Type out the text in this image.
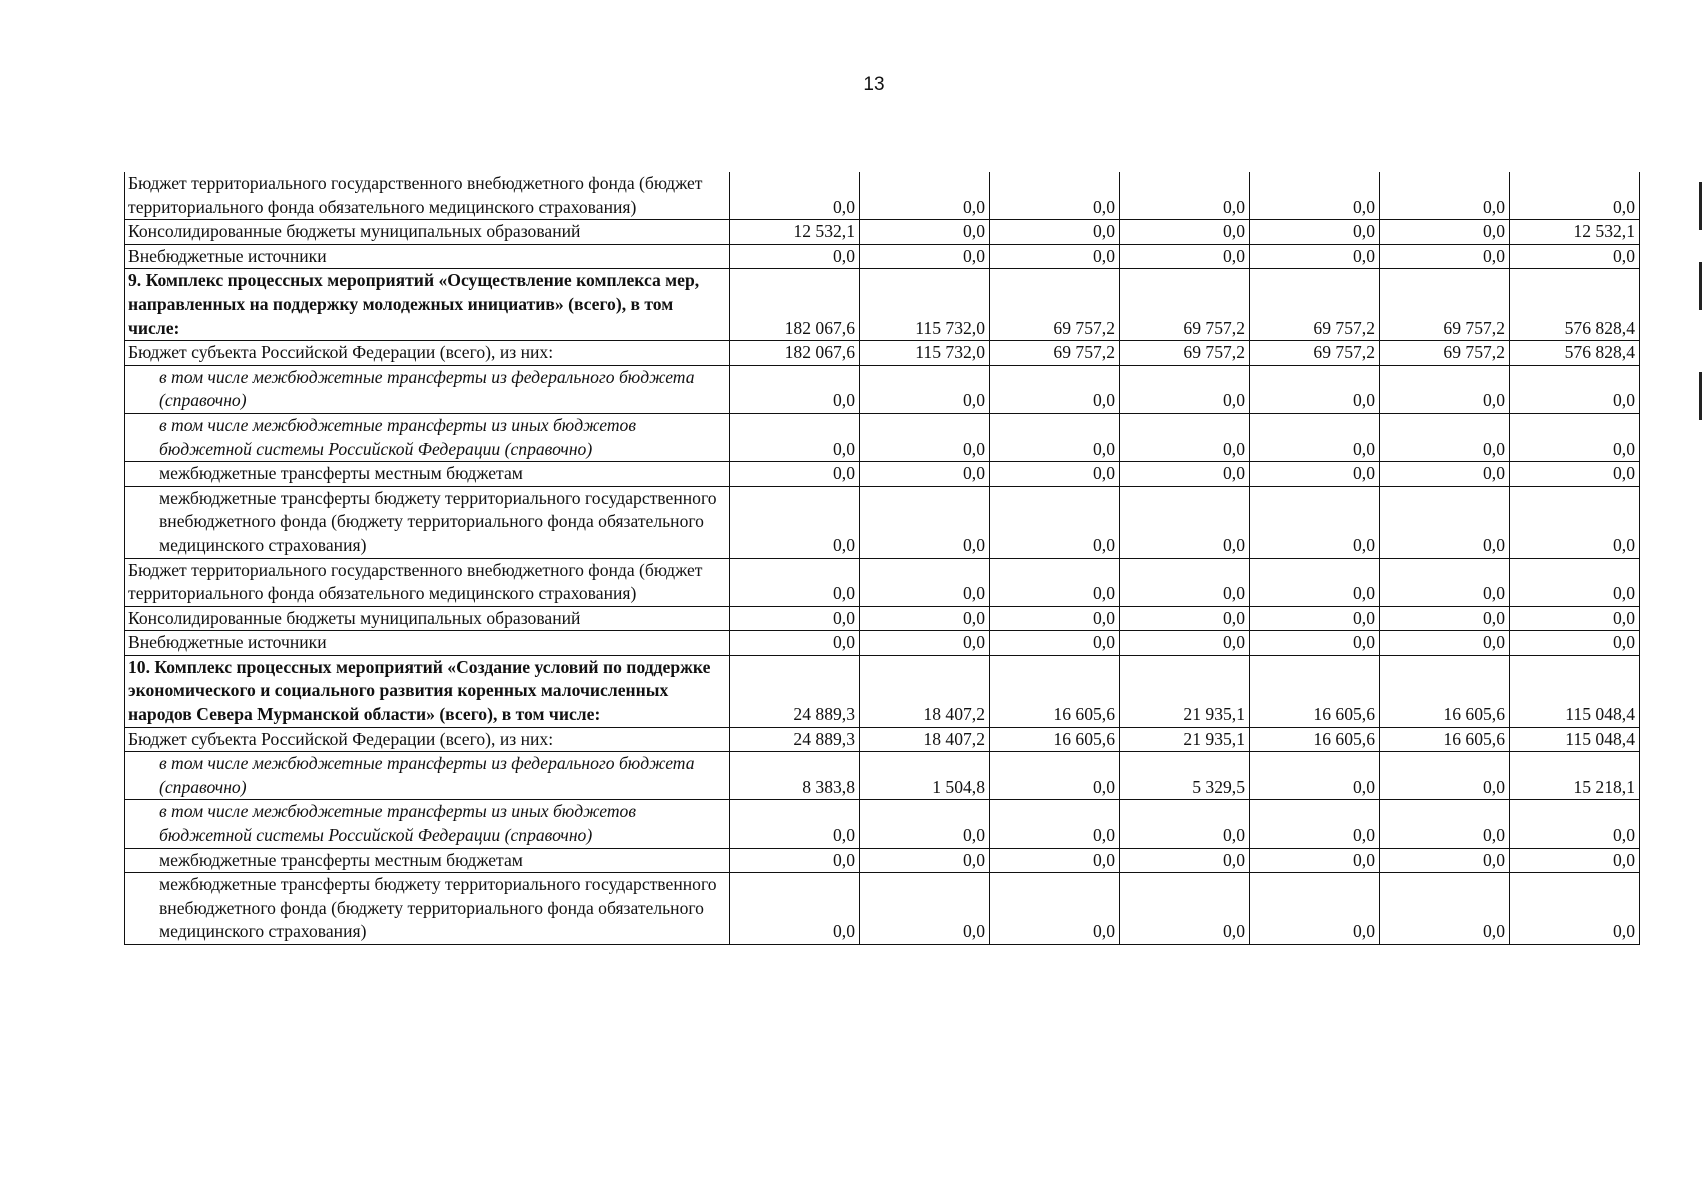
13
Бюджет территориального государственного внебюджетного фонда (бюджет территориального фонда обязательного медицинского страхования)	0,0	0,0	0,0	0,0	0,0	0,0	0,0
Консолидированные бюджеты муниципальных образований	12 532,1	0,0	0,0	0,0	0,0	0,0	12 532,1
Внебюджетные источники	0,0	0,0	0,0	0,0	0,0	0,0	0,0
9. Комплекс процессных мероприятий «Осуществление комплекса мер, направленных на поддержку молодежных инициатив» (всего), в том числе:	182 067,6	115 732,0	69 757,2	69 757,2	69 757,2	69 757,2	576 828,4
Бюджет субъекта Российской Федерации (всего), из них:	182 067,6	115 732,0	69 757,2	69 757,2	69 757,2	69 757,2	576 828,4
в том числе межбюджетные трансферты из федерального бюджета (справочно)	0,0	0,0	0,0	0,0	0,0	0,0	0,0
в том числе межбюджетные трансферты из иных бюджетов бюджетной системы Российской Федерации (справочно)	0,0	0,0	0,0	0,0	0,0	0,0	0,0
межбюджетные трансферты местным бюджетам	0,0	0,0	0,0	0,0	0,0	0,0	0,0
межбюджетные трансферты бюджету территориального государственного внебюджетного фонда (бюджету территориального фонда обязательного медицинского страхования)	0,0	0,0	0,0	0,0	0,0	0,0	0,0
Бюджет территориального государственного внебюджетного фонда (бюджет территориального фонда обязательного медицинского страхования)	0,0	0,0	0,0	0,0	0,0	0,0	0,0
Консолидированные бюджеты муниципальных образований	0,0	0,0	0,0	0,0	0,0	0,0	0,0
Внебюджетные источники	0,0	0,0	0,0	0,0	0,0	0,0	0,0
10. Комплекс процессных мероприятий «Создание условий по поддержке экономического и социального развития коренных малочисленных народов Севера Мурманской области» (всего), в том числе:	24 889,3	18 407,2	16 605,6	21 935,1	16 605,6	16 605,6	115 048,4
Бюджет субъекта Российской Федерации (всего), из них:	24 889,3	18 407,2	16 605,6	21 935,1	16 605,6	16 605,6	115 048,4
в том числе межбюджетные трансферты из федерального бюджета (справочно)	8 383,8	1 504,8	0,0	5 329,5	0,0	0,0	15 218,1
в том числе межбюджетные трансферты из иных бюджетов бюджетной системы Российской Федерации (справочно)	0,0	0,0	0,0	0,0	0,0	0,0	0,0
межбюджетные трансферты местным бюджетам	0,0	0,0	0,0	0,0	0,0	0,0	0,0
межбюджетные трансферты бюджету территориального государственного внебюджетного фонда (бюджету территориального фонда обязательного медицинского страхования)	0,0	0,0	0,0	0,0	0,0	0,0	0,0
